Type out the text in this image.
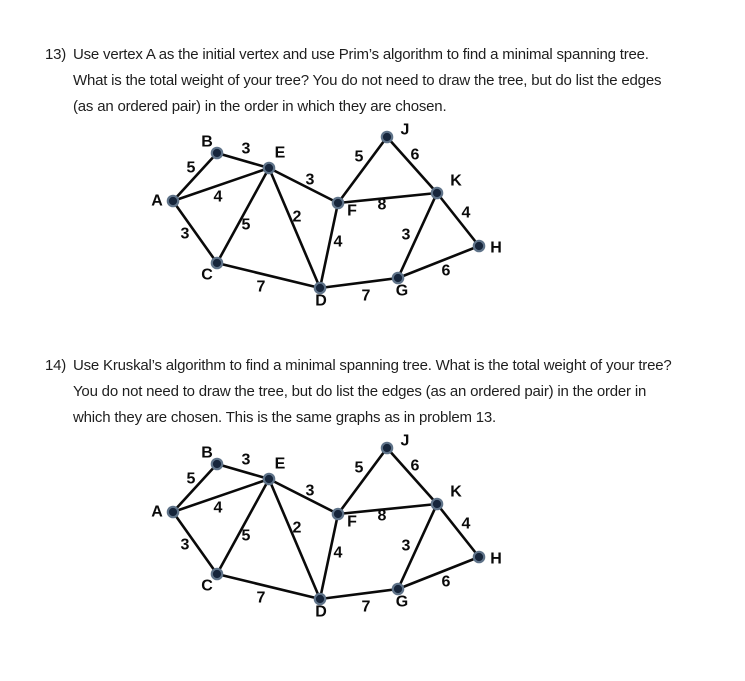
13) Use vertex A as the initial vertex and use Prim’s algorithm to find a minimal spanning tree.
What is the total weight of your tree? You do not need to draw the tree, but do list the edges
(as an ordered pair) in the order in which they are chosen.
5
4
3
3
5
7
2
4
7
3
5
8
3
6
4
6
A
B
C
D
E
F
G
H
J
K
14) Use Kruskal’s algorithm to find a minimal spanning tree. What is the total weight of your tree?
You do not need to draw the tree, but do list the edges (as an ordered pair) in the order in
which they are chosen. This is the same graphs as in problem 13.
5
4
3
3
5
7
2
4
7
3
5
8
3
6
4
6
A
B
C
D
E
F
G
H
J
K
